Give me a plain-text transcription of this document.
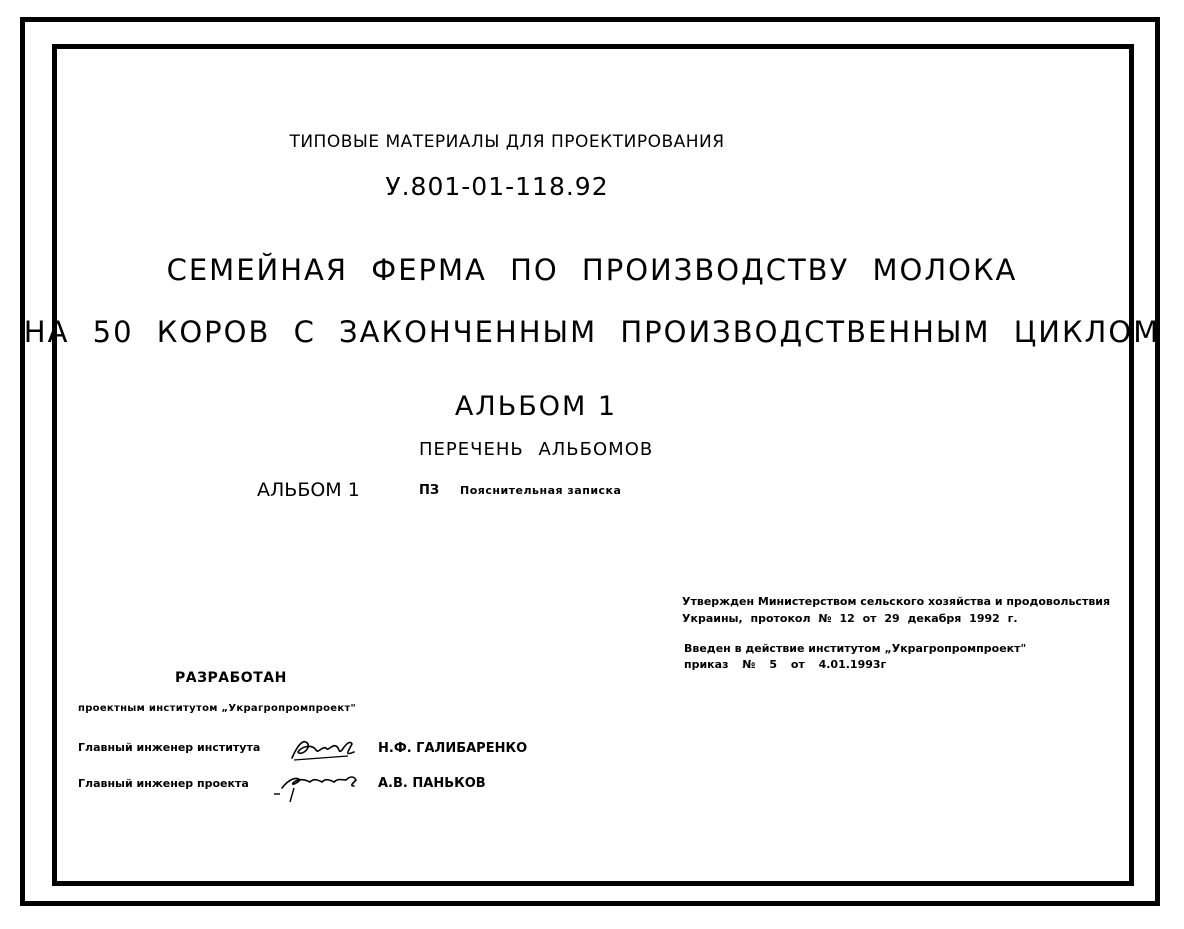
ТИПОВЫЕ МАТЕРИАЛЫ ДЛЯ ПРОЕКТИРОВАНИЯ
У.801-01-118.92
СЕМЕЙНАЯ ФЕРМА ПО ПРОИЗВОДСТВУ МОЛОКА
НА 50 КОРОВ С ЗАКОНЧЕННЫМ ПРОИЗВОДСТВЕННЫМ ЦИКЛОМ
АЛЬБОМ 1
ПЕРЕЧЕНЬ АЛЬБОМОВ
АЛЬБОМ 1	ПЗ Пояснительная записка
Утвержден Министерством сельского хозяйства и продовольствия
Украины, протокол № 12 от 29 декабря 1992 г.
Введен в действие институтом „Украгропромпроект"
приказ № 5 от 4.01.1993г
РАЗРАБОТАН
проектным институтом „Украгропромпроект"
Главный инженер института	Н.Ф. ГАЛИБАРЕНКО
Главный инженер проекта	А.В. ПАНЬКОВ
